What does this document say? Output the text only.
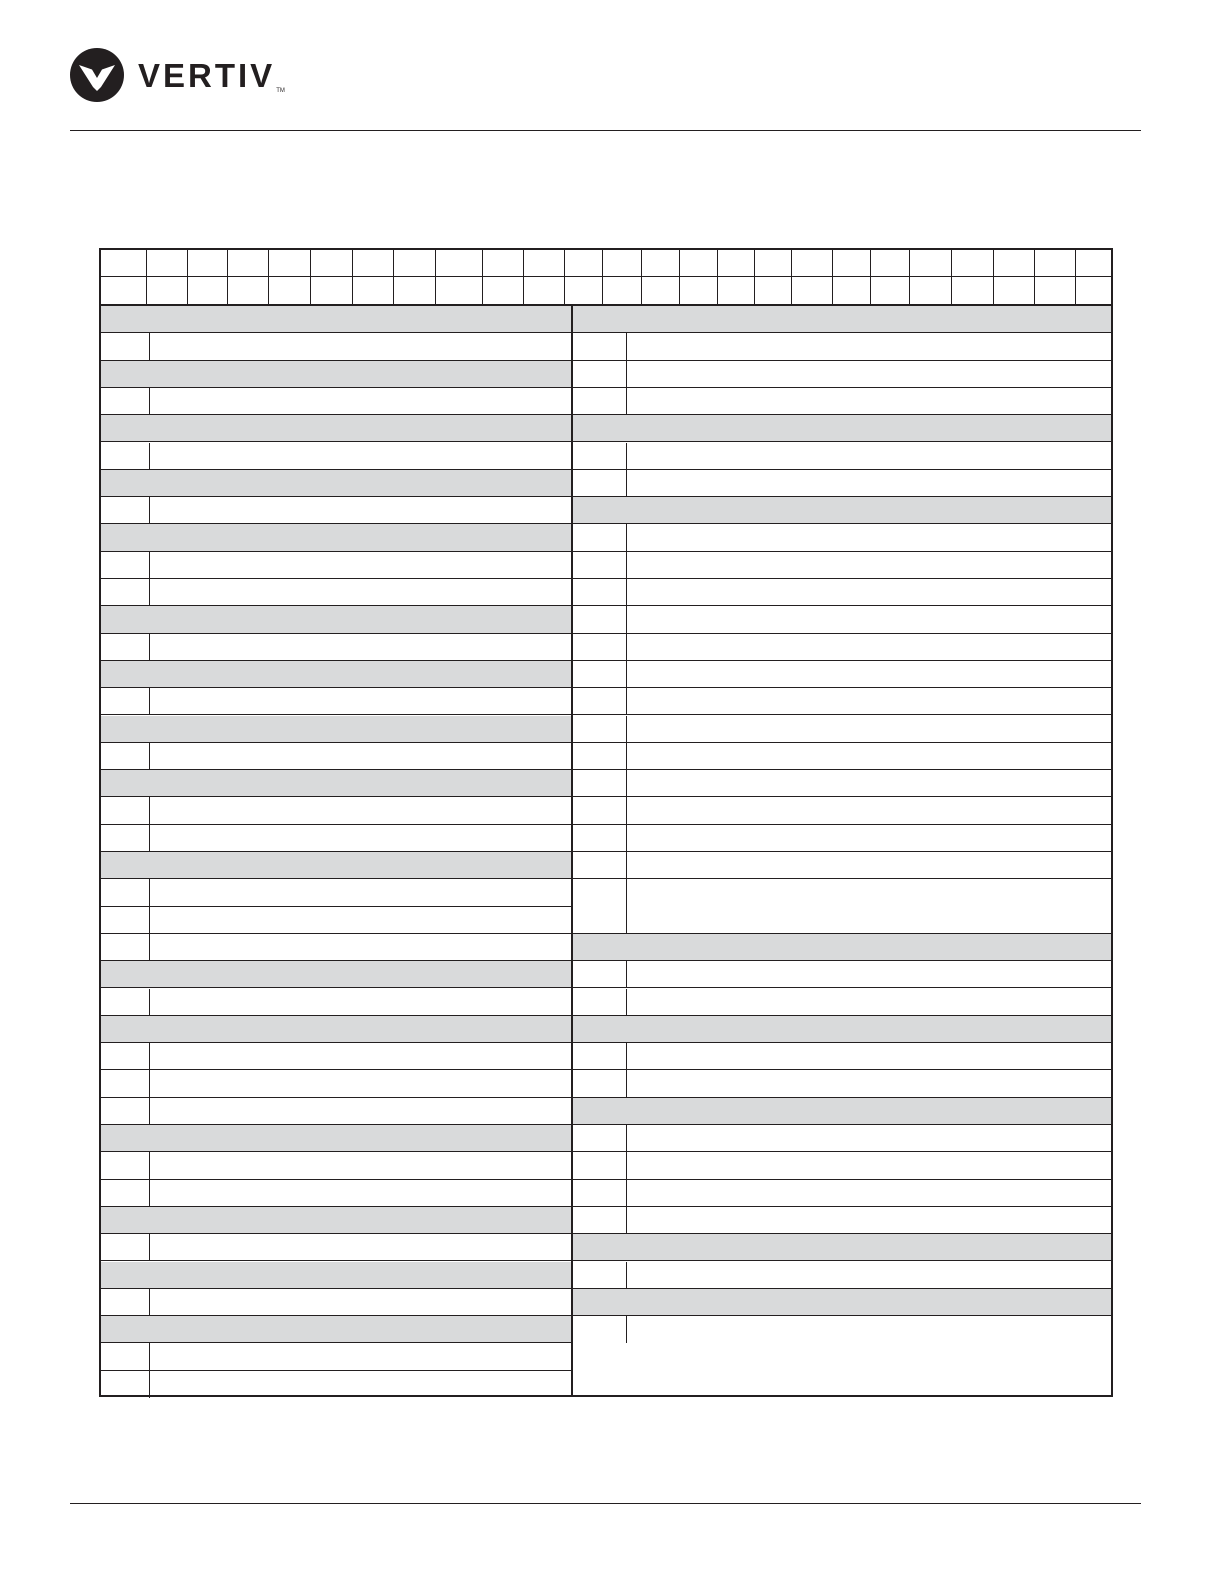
VERTIVTM
